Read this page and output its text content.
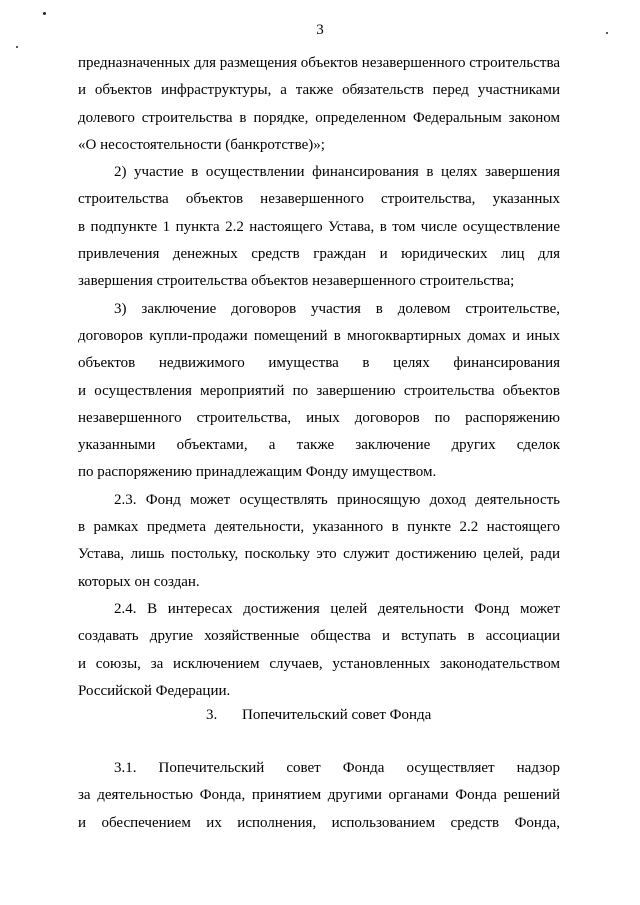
3
предназначенных для размещения объектов незавершенного строительства
и объектов инфраструктуры, а также обязательств перед участниками
долевого строительства в порядке, определенном Федеральным законом
«О несостоятельности (банкротстве)»;
2) участие в осуществлении финансирования в целях завершения
строительства объектов незавершенного строительства, указанных
в подпункте 1 пункта 2.2 настоящего Устава, в том числе осуществление
привлечения денежных средств граждан и юридических лиц для
завершения строительства объектов незавершенного строительства;
3) заключение договоров участия в долевом строительстве,
договоров купли-продажи помещений в многоквартирных домах и иных
объектов недвижимого имущества в целях финансирования
и осуществления мероприятий по завершению строительства объектов
незавершенного строительства, иных договоров по распоряжению
указанными объектами, а также заключение других сделок
по распоряжению принадлежащим Фонду имуществом.
2.3. Фонд может осуществлять приносящую доход деятельность
в рамках предмета деятельности, указанного в пункте 2.2 настоящего
Устава, лишь постольку, поскольку это служит достижению целей, ради
которых он создан.
2.4. В интересах достижения целей деятельности Фонд может
создавать другие хозяйственные общества и вступать в ассоциации
и союзы, за исключением случаев, установленных законодательством
Российской Федерации.
3. Попечительский совет Фонда
3.1. Попечительский совет Фонда осуществляет надзор
за деятельностью Фонда, принятием другими органами Фонда решений
и обеспечением их исполнения, использованием средств Фонда,
